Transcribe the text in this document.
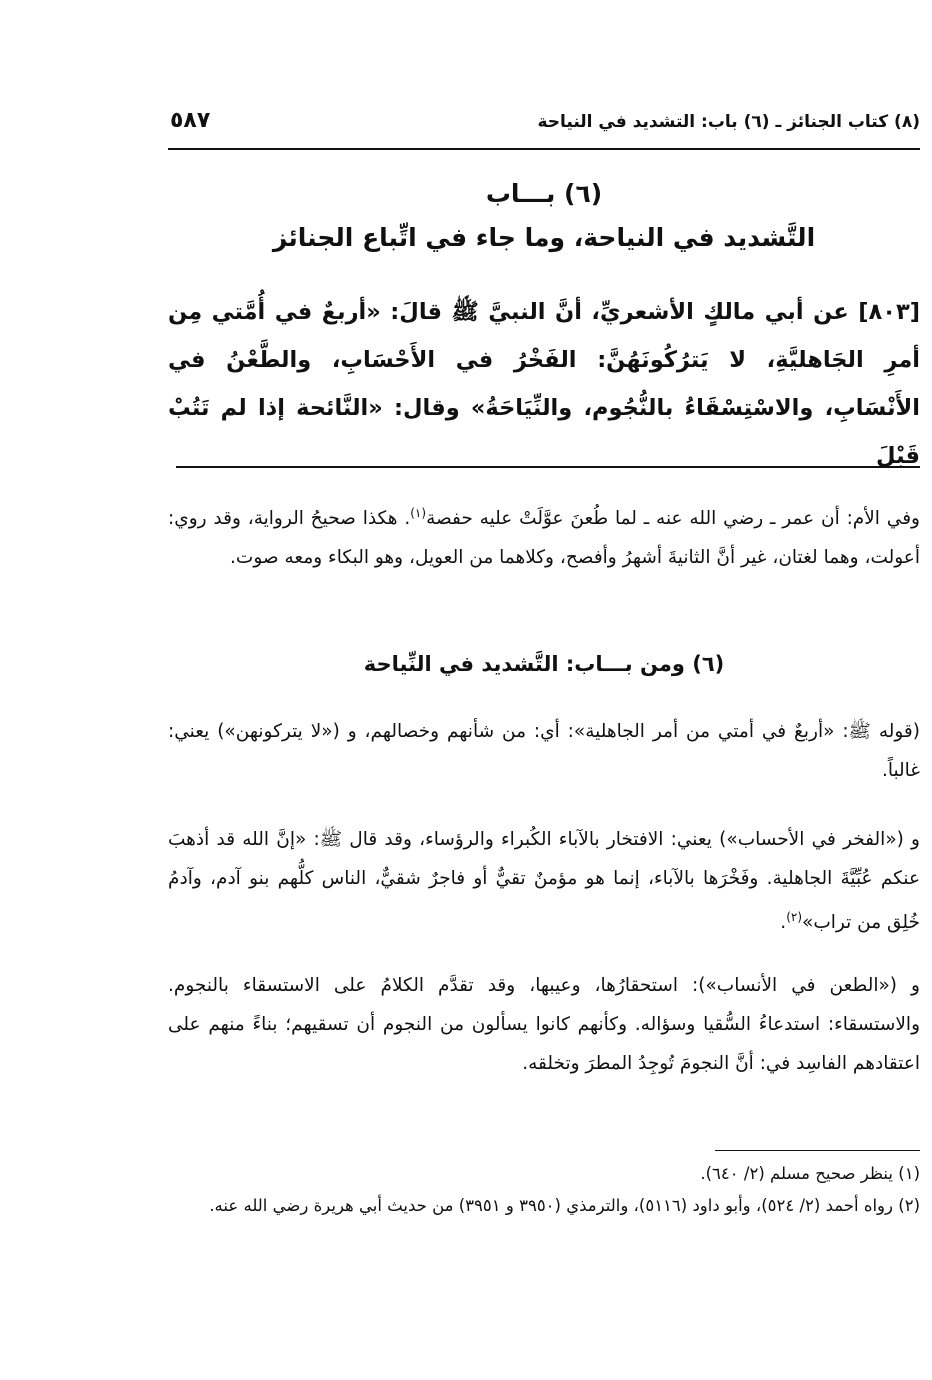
(٨) كتاب الجنائز ـ (٦) باب: التشديد في النياحة
٥٨٧
(٦) بـــاب
التَّشديد في النياحة، وما جاء في اتِّباع الجنائز
[٨٠٣] عن أبي مالكٍ الأشعريِّ، أنَّ النبيَّ ﷺ قالَ: «أربعٌ في أُمَّتي مِن أمرِ الجَاهليَّةِ، لا يَترُكُونَهُنَّ: الفَخْرُ في الأَحْسَابِ، والطَّعْنُ في الأَنْسَابِ، والاسْتِسْقَاءُ بالنُّجُوم، والنِّيَاحَةُ» وقال: «النَّائحة إذا لم تَتُبْ قَبْلَ
وفي الأم: أن عمر ـ رضي الله عنه ـ لما طُعنَ عوَّلَتْ عليه حفصة$^{(١)}$. هكذا صحيحُ الرواية، وقد روي: أعولت، وهما لغتان، غير أنَّ الثانيةَ أشهرُ وأفصح، وكلاهما من العويل، وهو البكاء ومعه صوت.
(٦) ومن بـــاب: التَّشديد في النِّياحة
(قوله ﷺ: «أربعٌ في أمتي من أمر الجاهلية»: أي: من شأنهم وخصالهم، و («لا يتركونهن») يعني: غالباً.
و («الفخر في الأحساب») يعني: الافتخار بالآباء الكُبراء والرؤساء، وقد قال ﷺ: «إنَّ الله قد أذهبَ عنكم عُبِّيَّةَ الجاهلية. وفَخْرَها بالآباء، إنما هو مؤمنٌ تقيٌّ أو فاجرٌ شقيٌّ، الناس كلُّهم بنو آدم، وآدمُ خُلِق من تراب»$^{(٢)}$.
و («الطعن في الأنساب»): استحقارُها، وعيبها، وقد تقدَّم الكلامُ على الاستسقاء بالنجوم. والاستسقاء: استدعاءُ السُّقيا وسؤاله. وكأنهم كانوا يسألون من النجوم أن تسقيهم؛ بناءً منهم على اعتقادهم الفاسِد في: أنَّ النجومَ تُوجِدُ المطرَ وتخلقه.

(١) ينظر صحيح مسلم (٢/ ٦٤٠).

(٢) رواه أحمد (٢/ ٥٢٤)، وأبو داود (٥١١٦)، والترمذي (٣٩٥٠ و ٣٩٥١) من حديث أبي هريرة رضي الله عنه.
